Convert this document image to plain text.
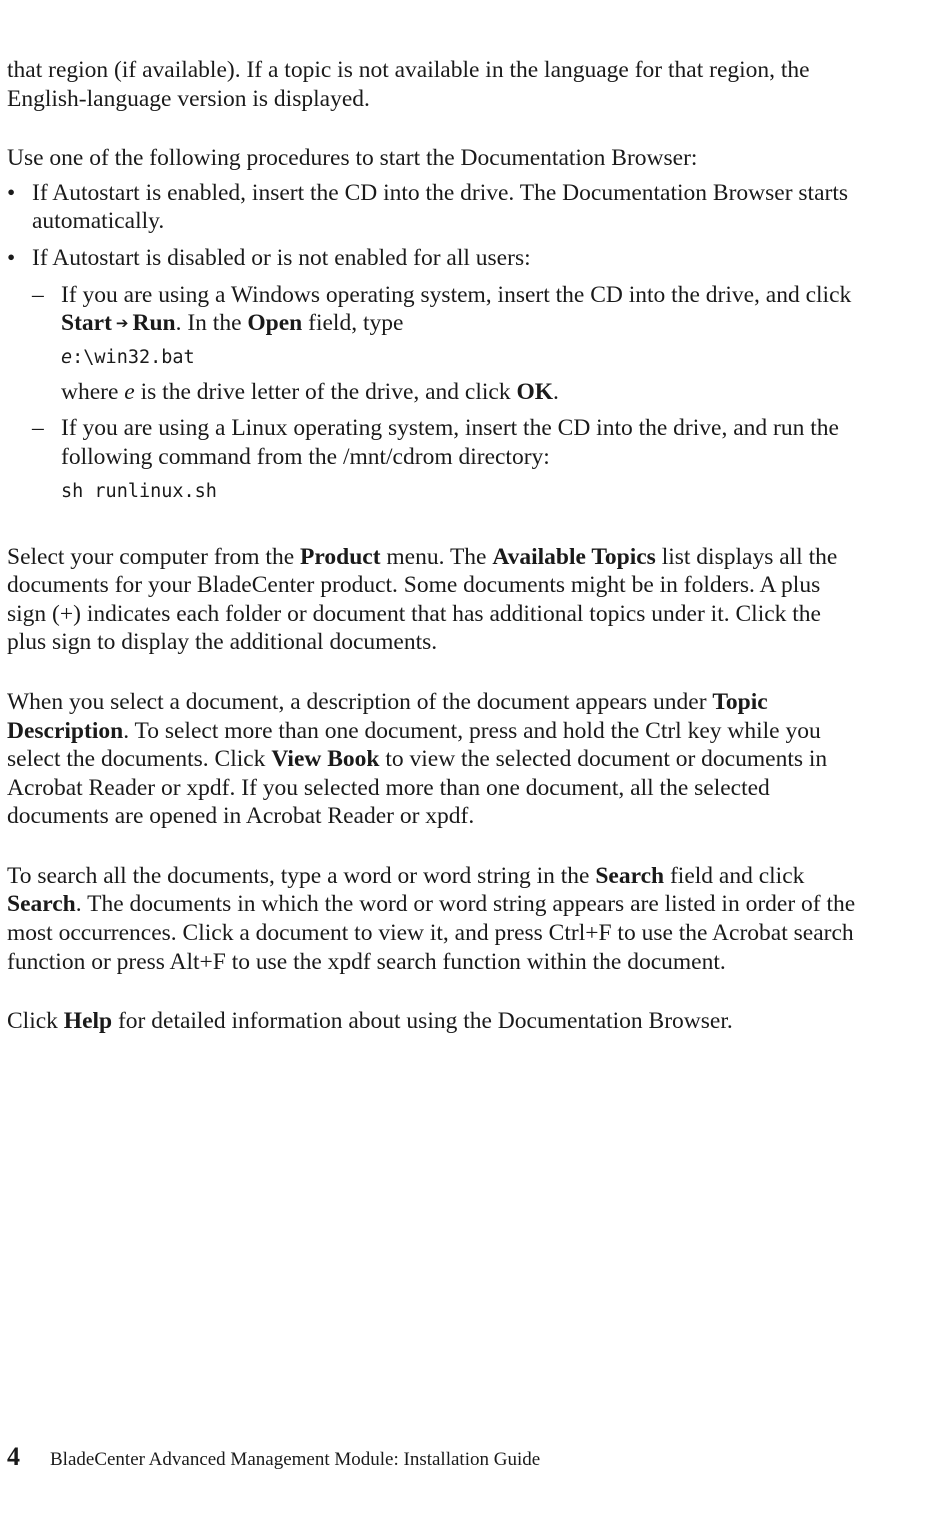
that region (if available). If a topic is not available in the language for that region, the English-language version is displayed.

Use one of the following procedures to start the Documentation Browser:

• If Autostart is enabled, insert the CD into the drive. The Documentation Browser starts automatically.
• If Autostart is disabled or is not enabled for all users:
– If you are using a Windows operating system, insert the CD into the drive, and click Start ➔ Run. In the Open field, type
e:\win32.bat
where e is the drive letter of the drive, and click OK.
– If you are using a Linux operating system, insert the CD into the drive, and run the following command from the /mnt/cdrom directory:
sh runlinux.sh

Select your computer from the Product menu. The Available Topics list displays all the documents for your BladeCenter product. Some documents might be in folders. A plus sign (+) indicates each folder or document that has additional topics under it. Click the plus sign to display the additional documents.

When you select a document, a description of the document appears under Topic Description. To select more than one document, press and hold the Ctrl key while you select the documents. Click View Book to view the selected document or documents in Acrobat Reader or xpdf. If you selected more than one document, all the selected documents are opened in Acrobat Reader or xpdf.

To search all the documents, type a word or word string in the Search field and click Search. The documents in which the word or word string appears are listed in order of the most occurrences. Click a document to view it, and press Ctrl+F to use the Acrobat search function or press Alt+F to use the xpdf search function within the document.

Click Help for detailed information about using the Documentation Browser.

4 BladeCenter Advanced Management Module: Installation Guide
